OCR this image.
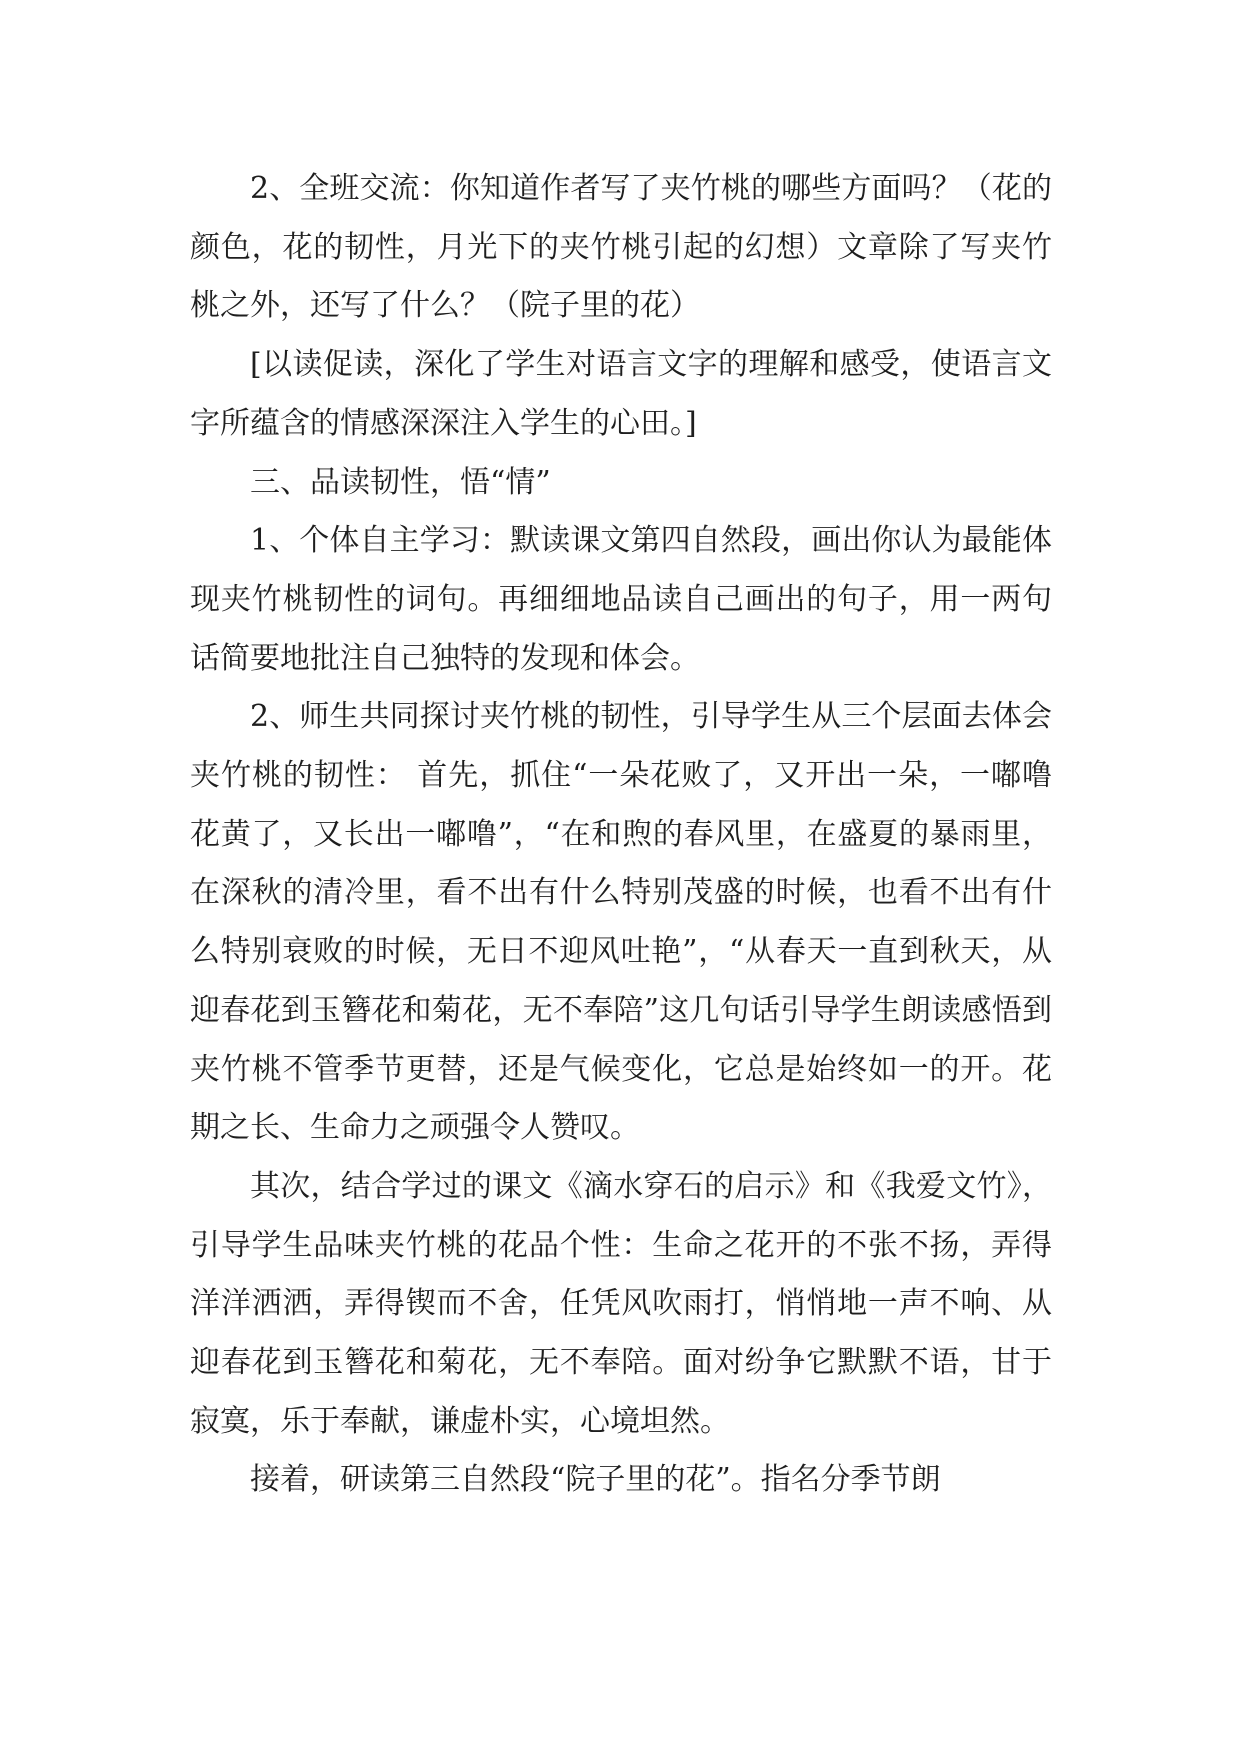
2、全班交流：你知道作者写了夹竹桃的哪些方面吗？（花的颜色，花的韧性，月光下的夹竹桃引起的幻想）文章除了写夹竹桃之外，还写了什么？（院子里的花）

[以读促读，深化了学生对语言文字的理解和感受，使语言文字所蕴含的情感深深注入学生的心田。]

三、品读韧性，悟“情”

1、个体自主学习：默读课文第四自然段，画出你认为最能体现夹竹桃韧性的词句。再细细地品读自己画出的句子，用一两句话简要地批注自己独特的发现和体会。

2、师生共同探讨夹竹桃的韧性，引导学生从三个层面去体会夹竹桃的韧性： 首先，抓住“一朵花败了，又开出一朵，一嘟噜花黄了，又长出一嘟噜”，“在和煦的春风里，在盛夏的暴雨里，在深秋的清冷里，看不出有什么特别茂盛的时候，也看不出有什么特别衰败的时候，无日不迎风吐艳”，“从春天一直到秋天，从迎春花到玉簪花和菊花，无不奉陪”这几句话引导学生朗读感悟到夹竹桃不管季节更替，还是气候变化，它总是始终如一的开。花期之长、生命力之顽强令人赞叹。

其次，结合学过的课文《滴水穿石的启示》和《我爱文竹》，引导学生品味夹竹桃的花品个性：生命之花开的不张不扬，弄得洋洋洒洒，弄得锲而不舍，任凭风吹雨打，悄悄地一声不响、从迎春花到玉簪花和菊花，无不奉陪。面对纷争它默默不语，甘于寂寞，乐于奉献，谦虚朴实，心境坦然。

接着，研读第三自然段“院子里的花”。指名分季节朗
